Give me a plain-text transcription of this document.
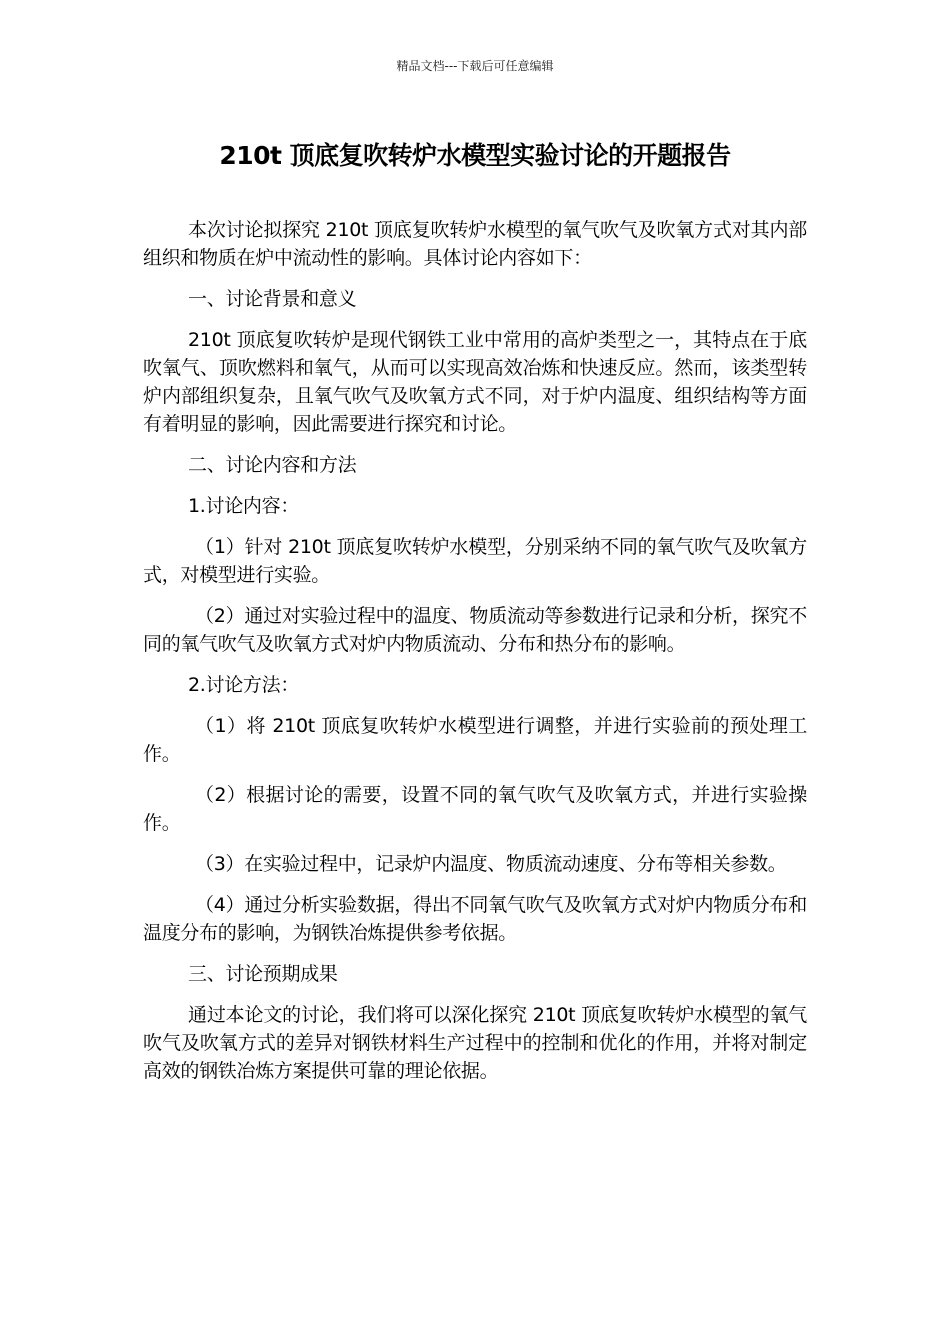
精品文档---下载后可任意编辑
210t 顶底复吹转炉水模型实验讨论的开题报告

本次讨论拟探究 210t 顶底复吹转炉水模型的氧气吹气及吹氧方式对其内部组织和物质在炉中流动性的影响。具体讨论内容如下：

一、讨论背景和意义

210t 顶底复吹转炉是现代钢铁工业中常用的高炉类型之一，其特点在于底吹氧气、顶吹燃料和氧气，从而可以实现高效冶炼和快速反应。然而，该类型转炉内部组织复杂，且氧气吹气及吹氧方式不同，对于炉内温度、组织结构等方面有着明显的影响，因此需要进行探究和讨论。

二、讨论内容和方法

1.讨论内容：

（1）针对 210t 顶底复吹转炉水模型，分别采纳不同的氧气吹气及吹氧方式，对模型进行实验。

（2）通过对实验过程中的温度、物质流动等参数进行记录和分析，探究不同的氧气吹气及吹氧方式对炉内物质流动、分布和热分布的影响。

2.讨论方法：

（1）将 210t 顶底复吹转炉水模型进行调整，并进行实验前的预处理工作。

（2）根据讨论的需要，设置不同的氧气吹气及吹氧方式，并进行实验操作。

（3）在实验过程中，记录炉内温度、物质流动速度、分布等相关参数。

（4）通过分析实验数据，得出不同氧气吹气及吹氧方式对炉内物质分布和温度分布的影响，为钢铁冶炼提供参考依据。

三、讨论预期成果

通过本论文的讨论，我们将可以深化探究 210t 顶底复吹转炉水模型的氧气吹气及吹氧方式的差异对钢铁材料生产过程中的控制和优化的作用，并将对制定高效的钢铁冶炼方案提供可靠的理论依据。
